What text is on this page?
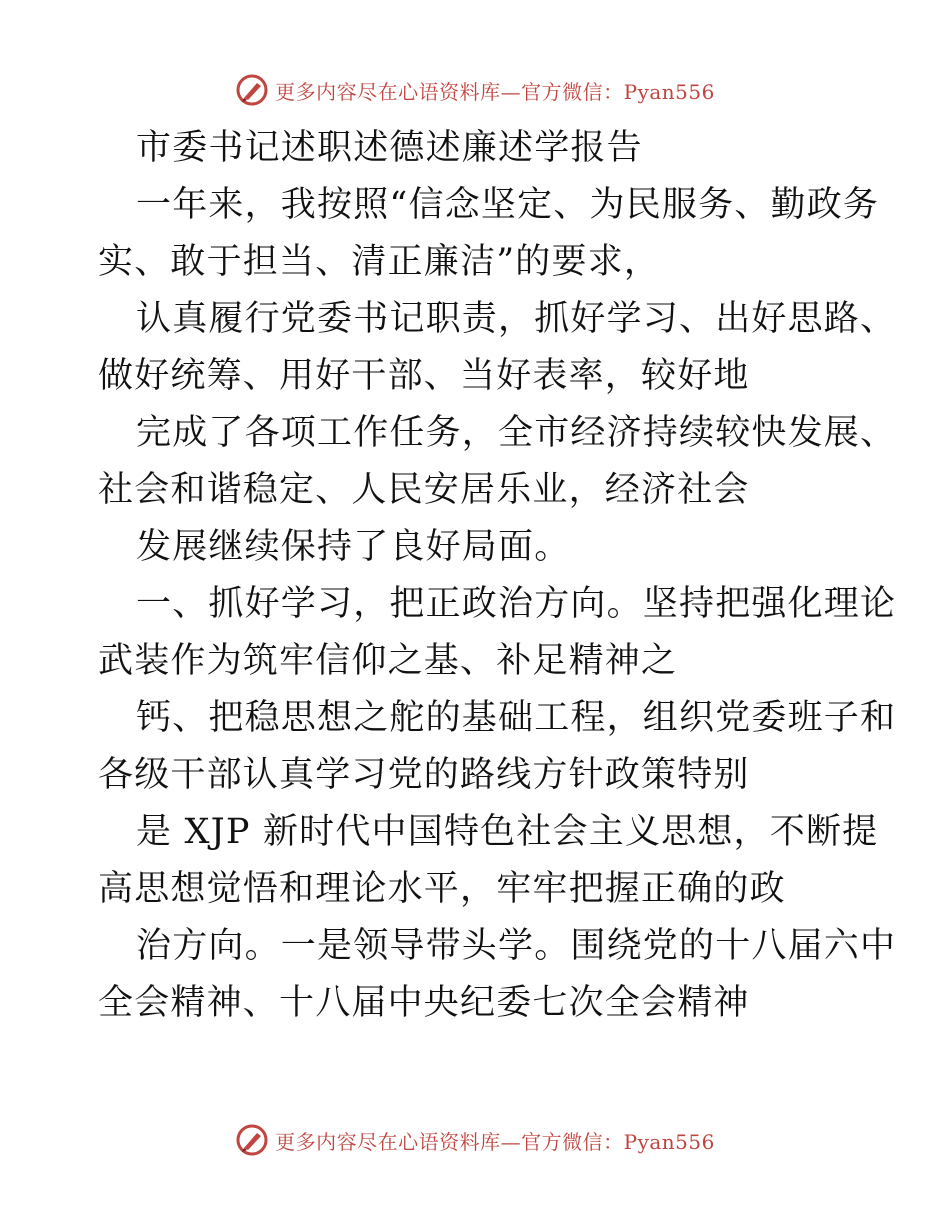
更多内容尽在心语资料库—官方微信：Pyan556
市委书记述职述德述廉述学报告
一年来，我按照“信念坚定、为民服务、勤政务
实、敢于担当、清正廉洁”的要求，
认真履行党委书记职责，抓好学习、出好思路、
做好统筹、用好干部、当好表率，较好地
完成了各项工作任务，全市经济持续较快发展、
社会和谐稳定、人民安居乐业，经济社会
发展继续保持了良好局面。
一、抓好学习，把正政治方向。坚持把强化理论
武装作为筑牢信仰之基、补足精神之
钙、把稳思想之舵的基础工程，组织党委班子和
各级干部认真学习党的路线方针政策特别
是 XJP 新时代中国特色社会主义思想，不断提
高思想觉悟和理论水平，牢牢把握正确的政
治方向。一是领导带头学。围绕党的十八届六中
全会精神、十八届中央纪委七次全会精神
更多内容尽在心语资料库—官方微信：Pyan556
